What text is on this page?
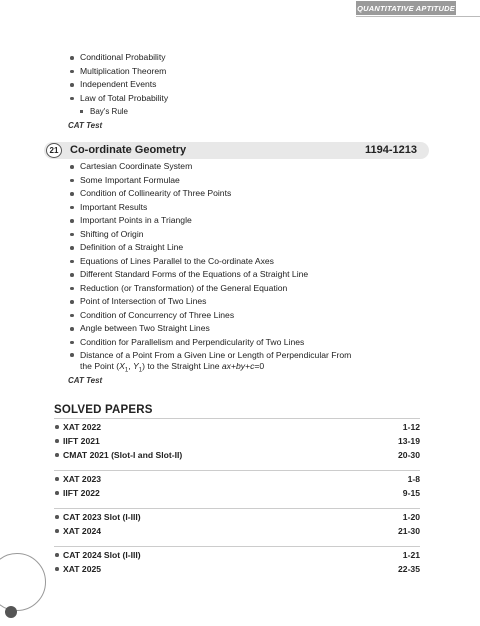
QUANTITATIVE APTITUDE
Conditional Probability
Multiplication Theorem
Independent Events
Law of Total Probability
Bay's Rule
CAT Test
21 Co-ordinate Geometry	1194-1213
Cartesian Coordinate System
Some Important Formulae
Condition of Collinearity of Three Points
Important Results
Important Points in a Triangle
Shifting of Origin
Definition of a Straight Line
Equations of Lines Parallel to the Co-ordinate Axes
Different Standard Forms of the Equations of a Straight Line
Reduction (or Transformation) of the General Equation
Point of Intersection of Two Lines
Condition of Concurrency of Three Lines
Angle between Two Straight Lines
Condition for Parallelism and Perpendicularity of Two Lines
Distance of a Point From a Given Line or Length of Perpendicular From
the Point ($X_1$, $Y_1$) to the Straight Line ax+by+c=0
CAT Test
SOLVED PAPERS
XAT 2022	1-12
IIFT 2021	13-19
CMAT 2021 (Slot-I and Slot-II)	20-30
XAT 2023	1-8
IIFT 2022	9-15
CAT 2023 Slot (I-III)	1-20
XAT 2024	21-30
CAT 2024 Slot (I-III)	1-21
XAT 2025	22-35
